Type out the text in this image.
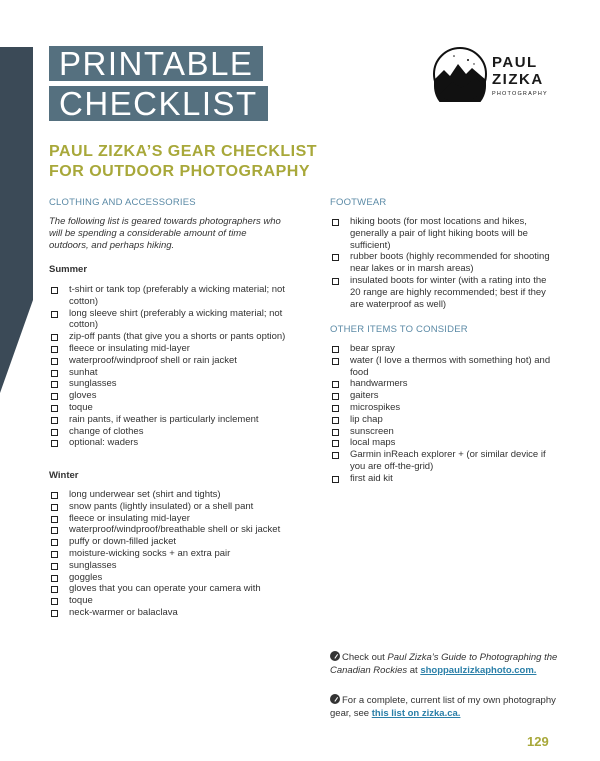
PRINTABLE
CHECKLIST
PAUL
ZIZKA
PHOTOGRAPHY
PAUL ZIZKA’S GEAR CHECKLIST FOR OUTDOOR PHOTOGRAPHY
CLOTHING AND ACCESSORIES
The following list is geared towards photographers who will be spending a considerable amount of time outdoors, and perhaps hiking.
Summer
t-shirt or tank top (preferably a wicking material; not cotton)
long sleeve shirt (preferably a wicking material; not cotton)
zip-off pants (that give you a shorts or pants option)
fleece or insulating mid-layer
waterproof/windproof shell or rain jacket
sunhat
sunglasses
gloves
toque
rain pants, if weather is particularly inclement
change of clothes
optional: waders
Winter
long underwear set (shirt and tights)
snow pants (lightly insulated) or a shell pant
fleece or insulating mid-layer
waterproof/windproof/breathable shell or ski jacket
puffy or down-filled jacket
moisture-wicking socks + an extra pair
sunglasses
goggles
gloves that you can operate your camera with
toque
neck-warmer or balaclava
FOOTWEAR
hiking boots (for most locations and hikes, generally a pair of light hiking boots will be sufficient)
rubber boots (highly recommended for shooting near lakes or in marsh areas)
insulated boots for winter (with a rating into the 20 range are highly recommended; best if they are waterproof as well)
OTHER ITEMS TO CONSIDER
bear spray
water (I love a thermos with something hot) and food
handwarmers
gaiters
microspikes
lip chap
sunscreen
local maps
Garmin inReach explorer + (or similar device if you are off-the-grid)
first aid kit
Check out Paul Zizka’s Guide to Photographing the Canadian Rockies at shoppaulzizkaphoto.com.
For a complete, current list of my own photography gear, see this list on zizka.ca.
129
